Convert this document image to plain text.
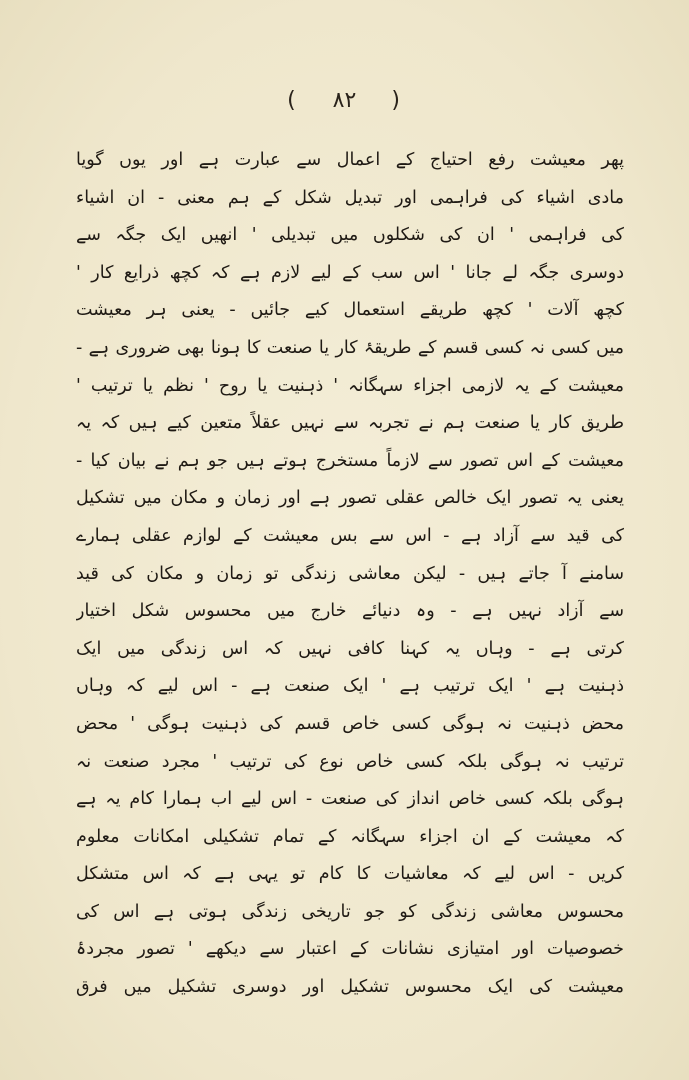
( ۸۲ )
پھر معیشت رفع احتیاج کے اعمال سے عبارت ہے اور یوں گویا
مادی اشیاء کی فراہمی اور تبدیل شکل کے ہم معنی - ان اشیاء
کی فراہمی ' ان کی شکلوں میں تبدیلی ' انھیں ایک جگہ سے
دوسری جگہ لے جانا ' اس سب کے لیے لازم ہے کہ کچھ ذرایع کار '
کچھ آلات ' کچھ طریقے استعمال کیے جائیں - یعنی ہر معیشت
میں کسی نہ کسی قسم کے طریقۂ کار یا صنعت کا ہونا بھی ضروری ہے -
معیشت کے یہ لازمی اجزاء سہگانہ ' ذہنیت یا روح ' نظم یا ترتیب '
طریق کار یا صنعت ہم نے تجربہ سے نہیں عقلاً متعین کیے ہیں کہ یہ
معیشت کے اس تصور سے لازماً مستخرج ہوتے ہیں جو ہم نے بیان کیا -
یعنی یہ تصور ایک خالص عقلی تصور ہے اور زمان و مکان میں تشکیل
کی قید سے آزاد ہے - اس سے بس معیشت کے لوازم عقلی ہمارے
سامنے آ جاتے ہیں - لیکن معاشی زندگی تو زمان و مکان کی قید
سے آزاد نہیں ہے - وہ دنیائے خارج میں محسوس شکل اختیار
کرتی ہے - وہاں یہ کہنا کافی نہیں کہ اس زندگی میں ایک
ذہنیت ہے ' ایک ترتیب ہے ' ایک صنعت ہے - اس لیے کہ وہاں
محض ذہنیت نہ ہوگی کسی خاص قسم کی ذہنیت ہوگی ' محض
ترتیب نہ ہوگی بلکہ کسی خاص نوع کی ترتیب ' مجرد صنعت نہ
ہوگی بلکہ کسی خاص انداز کی صنعت - اس لیے اب ہمارا کام یہ ہے
کہ معیشت کے ان اجزاء سہگانہ کے تمام تشکیلی امکانات معلوم
کریں - اس لیے کہ معاشیات کا کام تو یہی ہے کہ اس متشکل
محسوس معاشی زندگی کو جو تاریخی زندگی ہوتی ہے اس کی
خصوصیات اور امتیازی نشانات کے اعتبار سے دیکھے ' تصور مجردۂ
معیشت کی ایک محسوس تشکیل اور دوسری تشکیل میں فرق
